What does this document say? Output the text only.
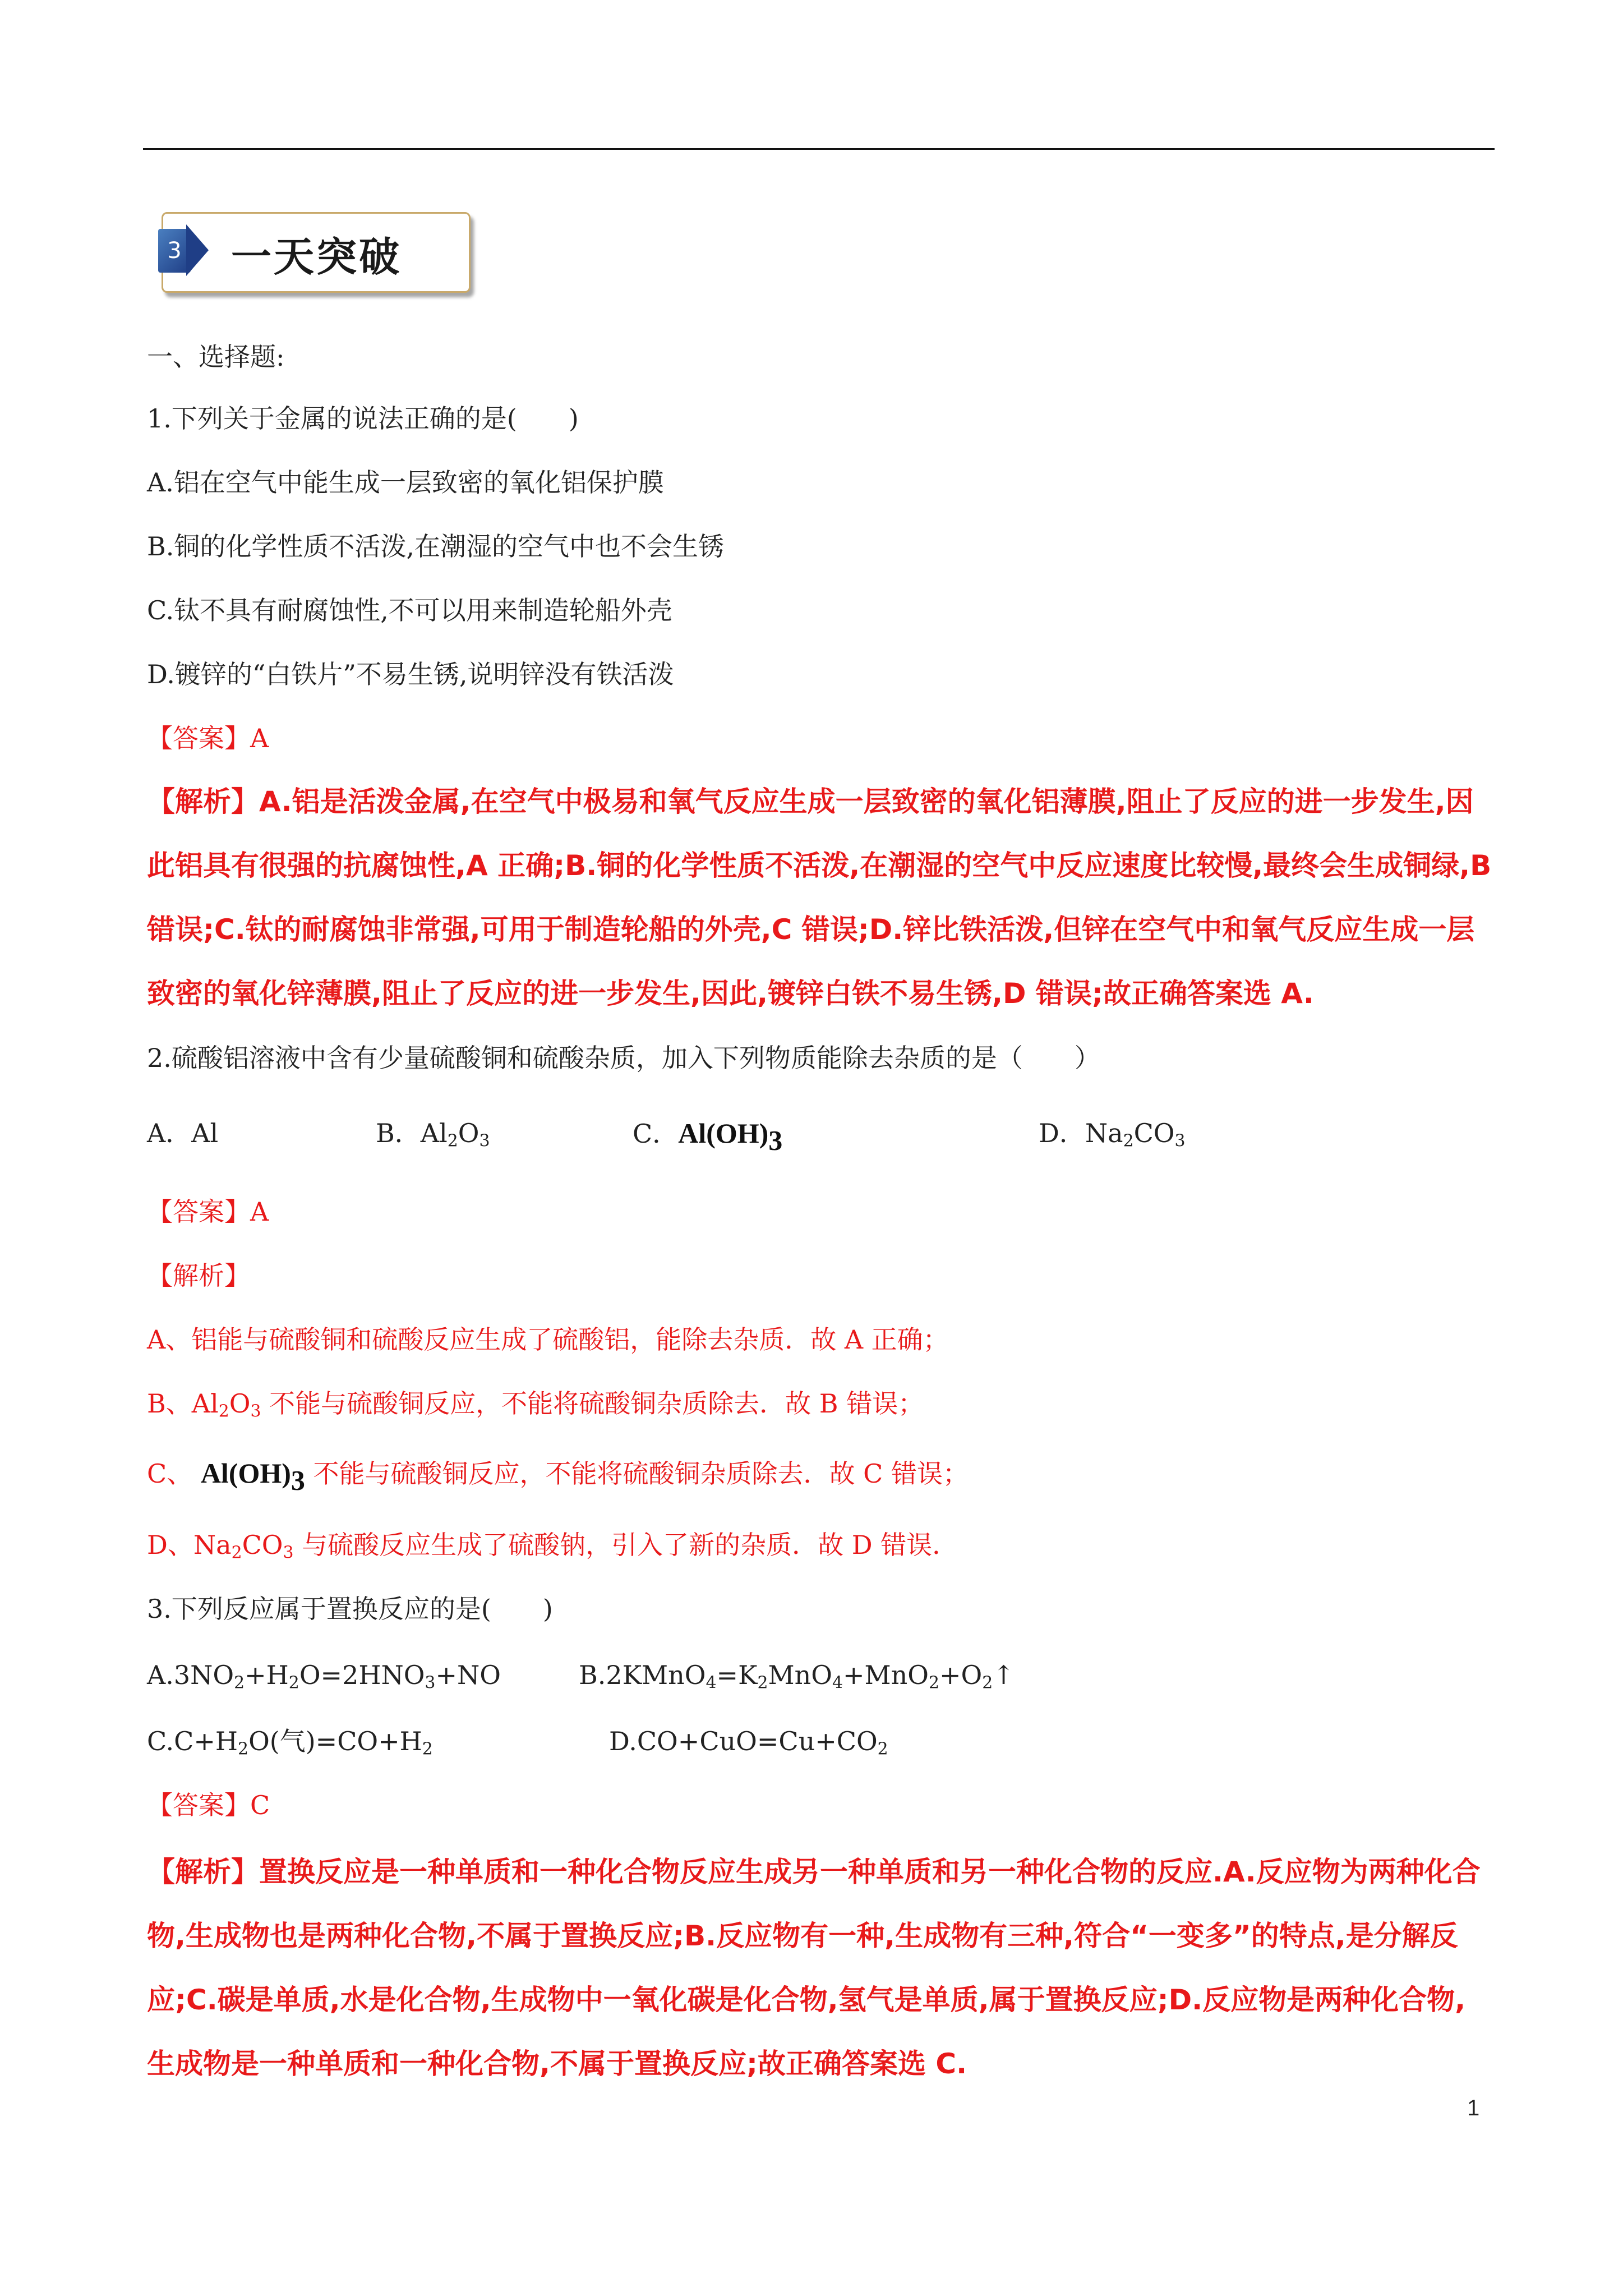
3 一天突破
一、选择题:
1.下列关于金属的说法正确的是(　　)
A.铝在空气中能生成一层致密的氧化铝保护膜
B.铜的化学性质不活泼,在潮湿的空气中也不会生锈
C.钛不具有耐腐蚀性,不可以用来制造轮船外壳
D.镀锌的“白铁片”不易生锈,说明锌没有铁活泼
【答案】A
【解析】A.铝是活泼金属,在空气中极易和氧气反应生成一层致密的氧化铝薄膜,阻止了反应的进一步发生,因此铝具有很强的抗腐蚀性,A 正确;B.铜的化学性质不活泼,在潮湿的空气中反应速度比较慢,最终会生成铜绿,B 错误;C.钛的耐腐蚀非常强,可用于制造轮船的外壳,C 错误;D.锌比铁活泼,但锌在空气中和氧气反应生成一层致密的氧化锌薄膜,阻止了反应的进一步发生,因此,镀锌白铁不易生锈,D 错误;故正确答案选 A.
2.硫酸铝溶液中含有少量硫酸铜和硫酸杂质，加入下列物质能除去杂质的是（　　）
A．Al	B．$Al_2O_3$	C．$Al(OH)_3$	D．$Na_2CO_3$
【答案】A
【解析】
A、铝能与硫酸铜和硫酸反应生成了硫酸铝，能除去杂质．故 A 正确；
B、$Al_2O_3$ 不能与硫酸铜反应，不能将硫酸铜杂质除去．故 B 错误；
C、 $Al(OH)_3$ 不能与硫酸铜反应，不能将硫酸铜杂质除去．故 C 错误；
D、$Na_2CO_3$ 与硫酸反应生成了硫酸钠，引入了新的杂质．故 D 错误．
3.下列反应属于置换反应的是(　　)
$A.3NO_2+H_2O=2HNO_3+NO$	$B.2KMnO_4=K_2MnO_4+MnO_2+O_2↑$
$C.C+H_2O$(气)$=CO+H_2$	$D.CO+CuO=Cu+CO_2$
【答案】C
【解析】置换反应是一种单质和一种化合物反应生成另一种单质和另一种化合物的反应.A.反应物为两种化合物,生成物也是两种化合物,不属于置换反应;B.反应物有一种,生成物有三种,符合“一变多”的特点,是分解反应;C.碳是单质,水是化合物,生成物中一氧化碳是化合物,氢气是单质,属于置换反应;D.反应物是两种化合物,生成物是一种单质和一种化合物,不属于置换反应;故正确答案选 C.
1
